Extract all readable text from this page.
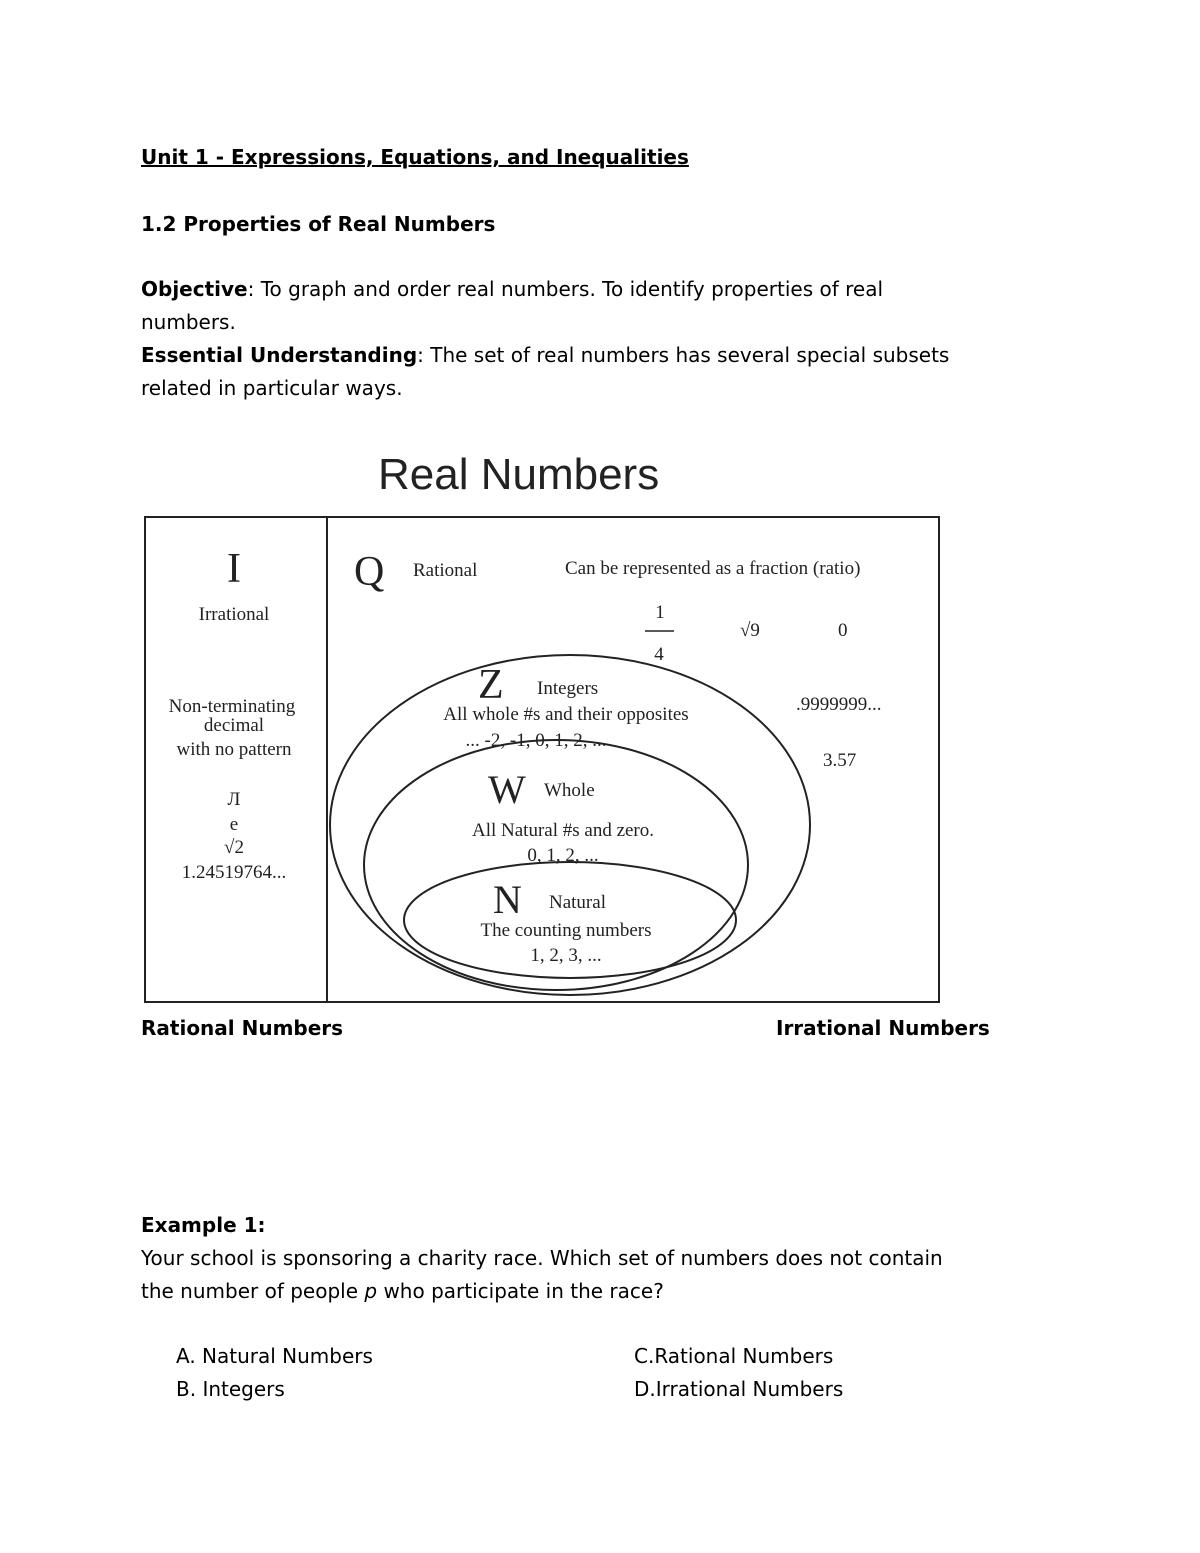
Unit 1 - Expressions, Equations, and Inequalities
1.2 Properties of Real Numbers
Objective: To graph and order real numbers. To identify properties of real
numbers.
Essential Understanding: The set of real numbers has several special subsets
related in particular ways.
Real Numbers
I
Irrational
Non-terminating
decimal
with no pattern
Л
e
√2
1.24519764...
Q Rational	Can be represented as a fraction (ratio)
1
4
√9	0
.9999999...
3.57
Z Integers
All whole #s and their opposites
... -2, -1, 0, 1, 2, ...
W Whole
All Natural #s and zero.
0, 1, 2, ...
N Natural
The counting numbers
1, 2, 3, ...
Rational Numbers	Irrational Numbers
Example 1:
Your school is sponsoring a charity race. Which set of numbers does not contain
the number of people p who participate in the race?
A. Natural Numbers
B. Integers
C.Rational Numbers
D.Irrational Numbers
